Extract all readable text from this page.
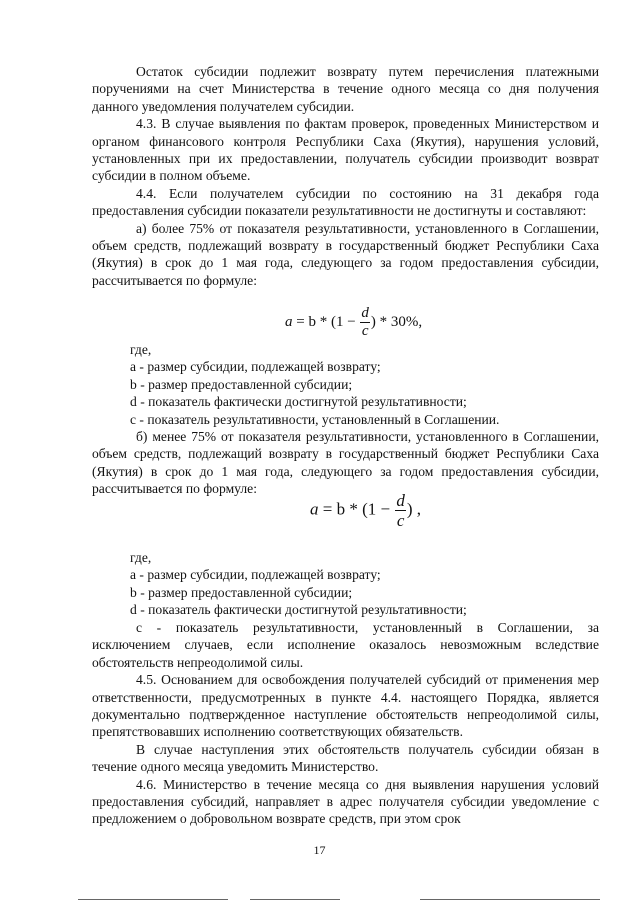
Остаток субсидии подлежит возврату путем перечисления платежными поручениями на счет Министерства в течение одного месяца со дня получения данного уведомления получателем субсидии.

4.3. В случае выявления по фактам проверок, проведенных Министерством и органом финансового контроля Республики Саха (Якутия), нарушения условий, установленных при их предоставлении, получатель субсидии производит возврат субсидии в полном объеме.

4.4. Если получателем субсидии по состоянию на 31 декабря года предоставления субсидии показатели результативности не достигнуты и составляют:

а) более 75% от показателя результативности, установленного в Соглашении, объем средств, подлежащий возврату в государственный бюджет Республики Саха (Якутия) в срок до 1 мая года, следующего за годом предоставления субсидии, рассчитывается по формуле:

$a = b * (1 - \frac{d}{c}$ ) * 30%,

где,

а - размер субсидии, подлежащей возврату;

b - размер предоставленной субсидии;

d - показатель фактически достигнутой результативности;

с - показатель результативности, установленный в Соглашении.

б) менее 75% от показателя результативности, установленного в Соглашении, объем средств, подлежащий возврату в государственный бюджет Республики Саха (Якутия) в срок до 1 мая года, следующего за годом предоставления субсидии, рассчитывается по формуле:

$a = b * (1 - \frac{d}{c}$ ) ,

где,

а - размер субсидии, подлежащей возврату;

b - размер предоставленной субсидии;

d - показатель фактически достигнутой результативности;

с - показатель результативности, установленный в Соглашении, за исключением случаев, если исполнение оказалось невозможным вследствие обстоятельств непреодолимой силы.

4.5. Основанием для освобождения получателей субсидий от применения мер ответственности, предусмотренных в пункте 4.4. настоящего Порядка, является документально подтвержденное наступление обстоятельств непреодолимой силы, препятствовавших исполнению соответствующих обязательств.

В случае наступления этих обстоятельств получатель субсидии обязан в течение одного месяца уведомить Министерство.

4.6. Министерство в течение месяца со дня выявления нарушения условий предоставления субсидий, направляет в адрес получателя субсидии уведомление с предложением о добровольном возврате средств, при этом срок

17
